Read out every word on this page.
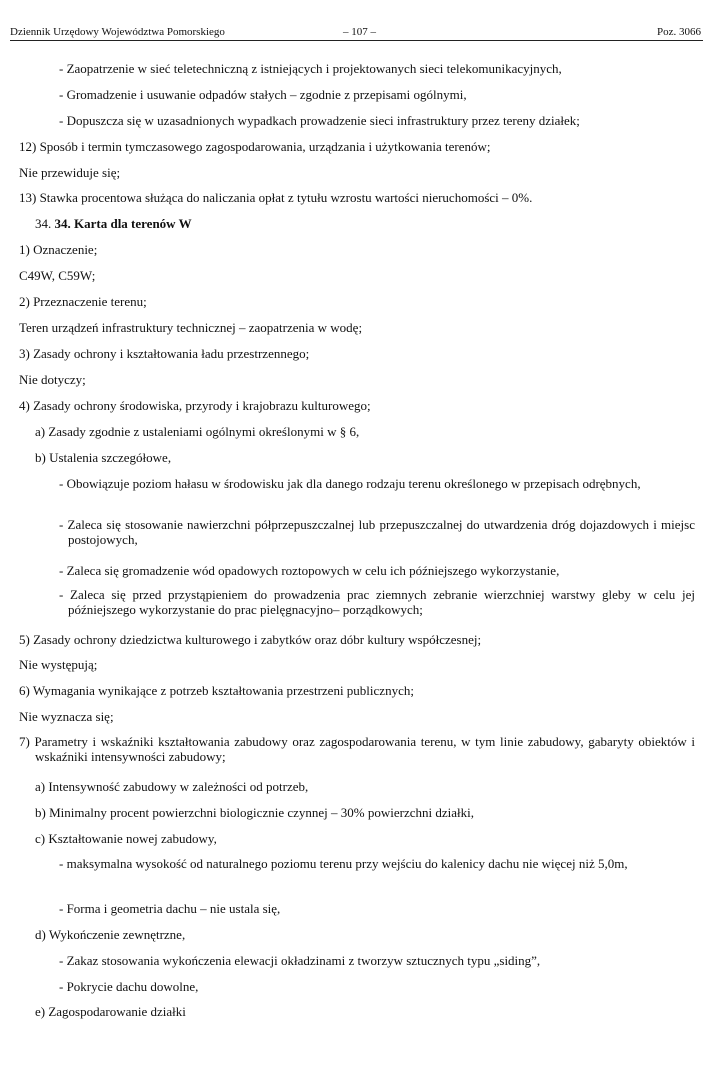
Dziennik Urzędowy Województwa Pomorskiego	– 107 –	Poz. 3066
- Zaopatrzenie w sieć teletechniczną z istniejących i projektowanych sieci telekomunikacyjnych,
- Gromadzenie i usuwanie odpadów stałych – zgodnie z przepisami ogólnymi,
- Dopuszcza się w uzasadnionych wypadkach prowadzenie sieci infrastruktury przez tereny działek;
12) Sposób i termin tymczasowego zagospodarowania, urządzania i użytkowania terenów;
Nie przewiduje się;
13) Stawka procentowa służąca do naliczania opłat z tytułu wzrostu wartości nieruchomości – 0%.
34. 34. Karta dla terenów W
1) Oznaczenie;
C49W, C59W;
2) Przeznaczenie terenu;
Teren urządzeń infrastruktury technicznej – zaopatrzenia w wodę;
3) Zasady ochrony i kształtowania ładu przestrzennego;
Nie dotyczy;
4) Zasady ochrony środowiska, przyrody i krajobrazu kulturowego;
a) Zasady zgodnie z ustaleniami ogólnymi określonymi w § 6,
b) Ustalenia szczegółowe,
- Obowiązuje poziom hałasu w środowisku jak dla danego rodzaju terenu określonego w przepisach odrębnych,
- Zaleca się stosowanie nawierzchni półprzepuszczalnej lub przepuszczalnej do utwardzenia dróg dojazdowych i miejsc postojowych,
- Zaleca się gromadzenie wód opadowych roztopowych w celu ich późniejszego wykorzystanie,
- Zaleca się przed przystąpieniem do prowadzenia prac ziemnych zebranie wierzchniej warstwy gleby w celu jej późniejszego wykorzystanie do prac pielęgnacyjno– porządkowych;
5) Zasady ochrony dziedzictwa kulturowego i zabytków oraz dóbr kultury współczesnej;
Nie występują;
6) Wymagania wynikające z potrzeb kształtowania przestrzeni publicznych;
Nie wyznacza się;
7) Parametry i wskaźniki kształtowania zabudowy oraz zagospodarowania terenu, w tym linie zabudowy, gabaryty obiektów i wskaźniki intensywności zabudowy;
a) Intensywność zabudowy w zależności od potrzeb,
b) Minimalny procent powierzchni biologicznie czynnej – 30% powierzchni działki,
c) Kształtowanie nowej zabudowy,
- maksymalna wysokość od naturalnego poziomu terenu przy wejściu do kalenicy dachu nie więcej niż 5,0m,
- Forma i geometria dachu – nie ustala się,
d) Wykończenie zewnętrzne,
- Zakaz stosowania wykończenia elewacji okładzinami z tworzyw sztucznych typu „siding”,
- Pokrycie dachu dowolne,
e) Zagospodarowanie działki
